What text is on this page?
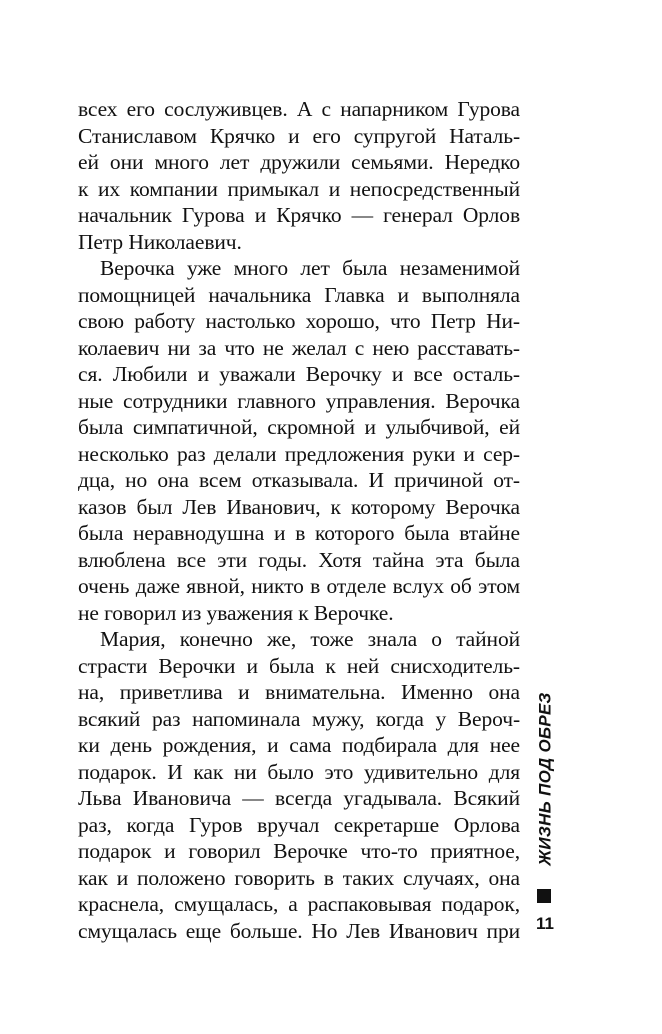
всех его сослуживцев. А с напарником Гурова
Станиславом Крячко и его супругой Наталь-
ей они много лет дружили семьями. Нередко
к их компании примыкал и непосредственный
начальник Гурова и Крячко — генерал Орлов
Петр Николаевич.
Верочка уже много лет была незаменимой
помощницей начальника Главка и выполняла
свою работу настолько хорошо, что Петр Ни-
колаевич ни за что не желал с нею расставать-
ся. Любили и уважали Верочку и все осталь-
ные сотрудники главного управления. Верочка
была симпатичной, скромной и улыбчивой, ей
несколько раз делали предложения руки и сер-
дца, но она всем отказывала. И причиной от-
казов был Лев Иванович, к которому Верочка
была неравнодушна и в которого была втайне
влюблена все эти годы. Хотя тайна эта была
очень даже явной, никто в отделе вслух об этом
не говорил из уважения к Верочке.
Мария, конечно же, тоже знала о тайной
страсти Верочки и была к ней снисходитель-
на, приветлива и внимательна. Именно она
всякий раз напоминала мужу, когда у Вероч-
ки день рождения, и сама подбирала для нее
подарок. И как ни было это удивительно для
Льва Ивановича — всегда угадывала. Всякий
раз, когда Гуров вручал секретарше Орлова
подарок и говорил Верочке что-то приятное,
как и положено говорить в таких случаях, она
краснела, смущалась, а распаковывая подарок,
смущалась еще больше. Но Лев Иванович при
ЖИЗНЬ ПОД ОБРЕЗ
11
